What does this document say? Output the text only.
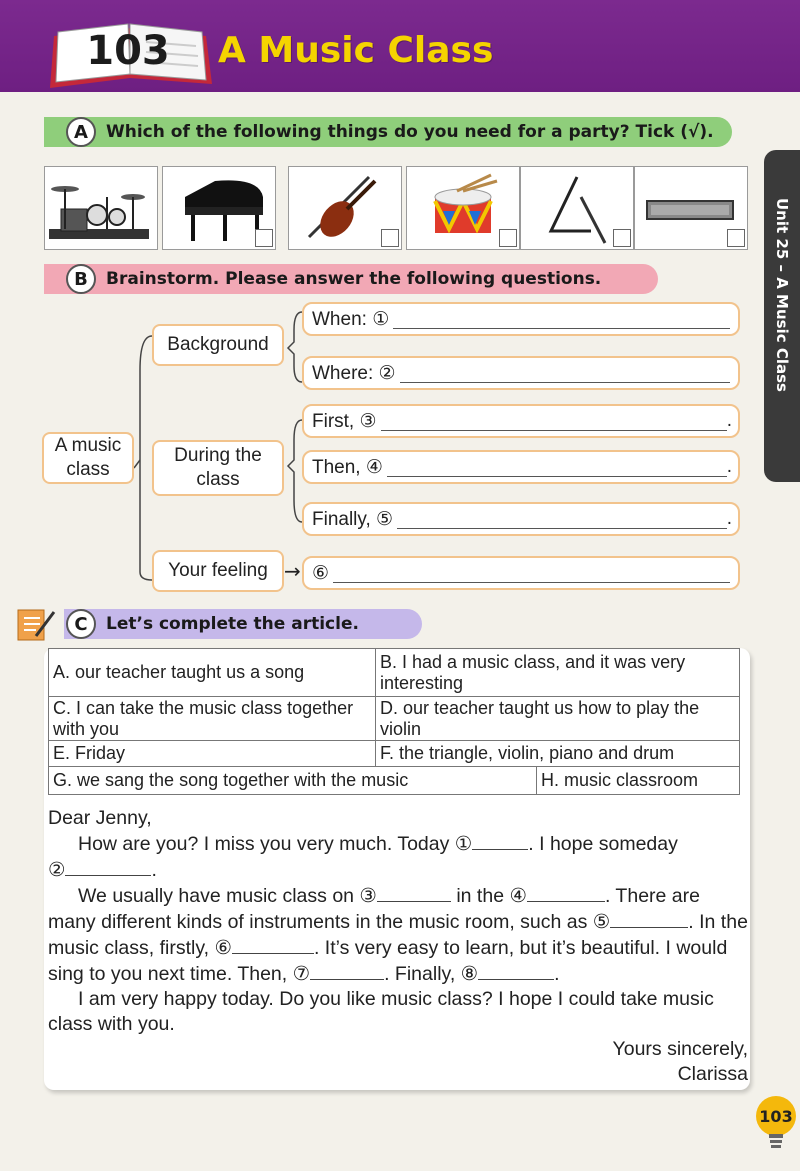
103 A Music Class
Unit 25 – A Music Class
A	Which of the following things do you need for a party? Tick (√).
B	Brainstorm. Please answer the following questions.
A music class
Background
During the class
Your feeling →
When: ①
Where: ②
First, ③	.
Then, ④	.
Finally, ⑤	.
⑥
C	Let’s complete the article.
A. our teacher taught us a song	B. I had a music class, and it was very interesting	
C. I can take the music class together with you	D. our teacher taught us how to play the violin	
E. Friday	F. the triangle, violin, piano and drum	
G. we sang the song together with the music		H. music classroom

Dear Jenny,

How are you? I miss you very much. Today ①	. I hope someday

②	.

We usually have music class on ③	in the ④	. There are many different kinds of instruments in the music room, such as ⑤	. In the music class, firstly, ⑥	. It’s very easy to learn, but it’s beautiful. I would sing to you next time. Then, ⑦	. Finally, ⑧	.

I am very happy today. Do you like music class? I hope I could take music class with you.

Yours sincerely,

Clarissa

103
